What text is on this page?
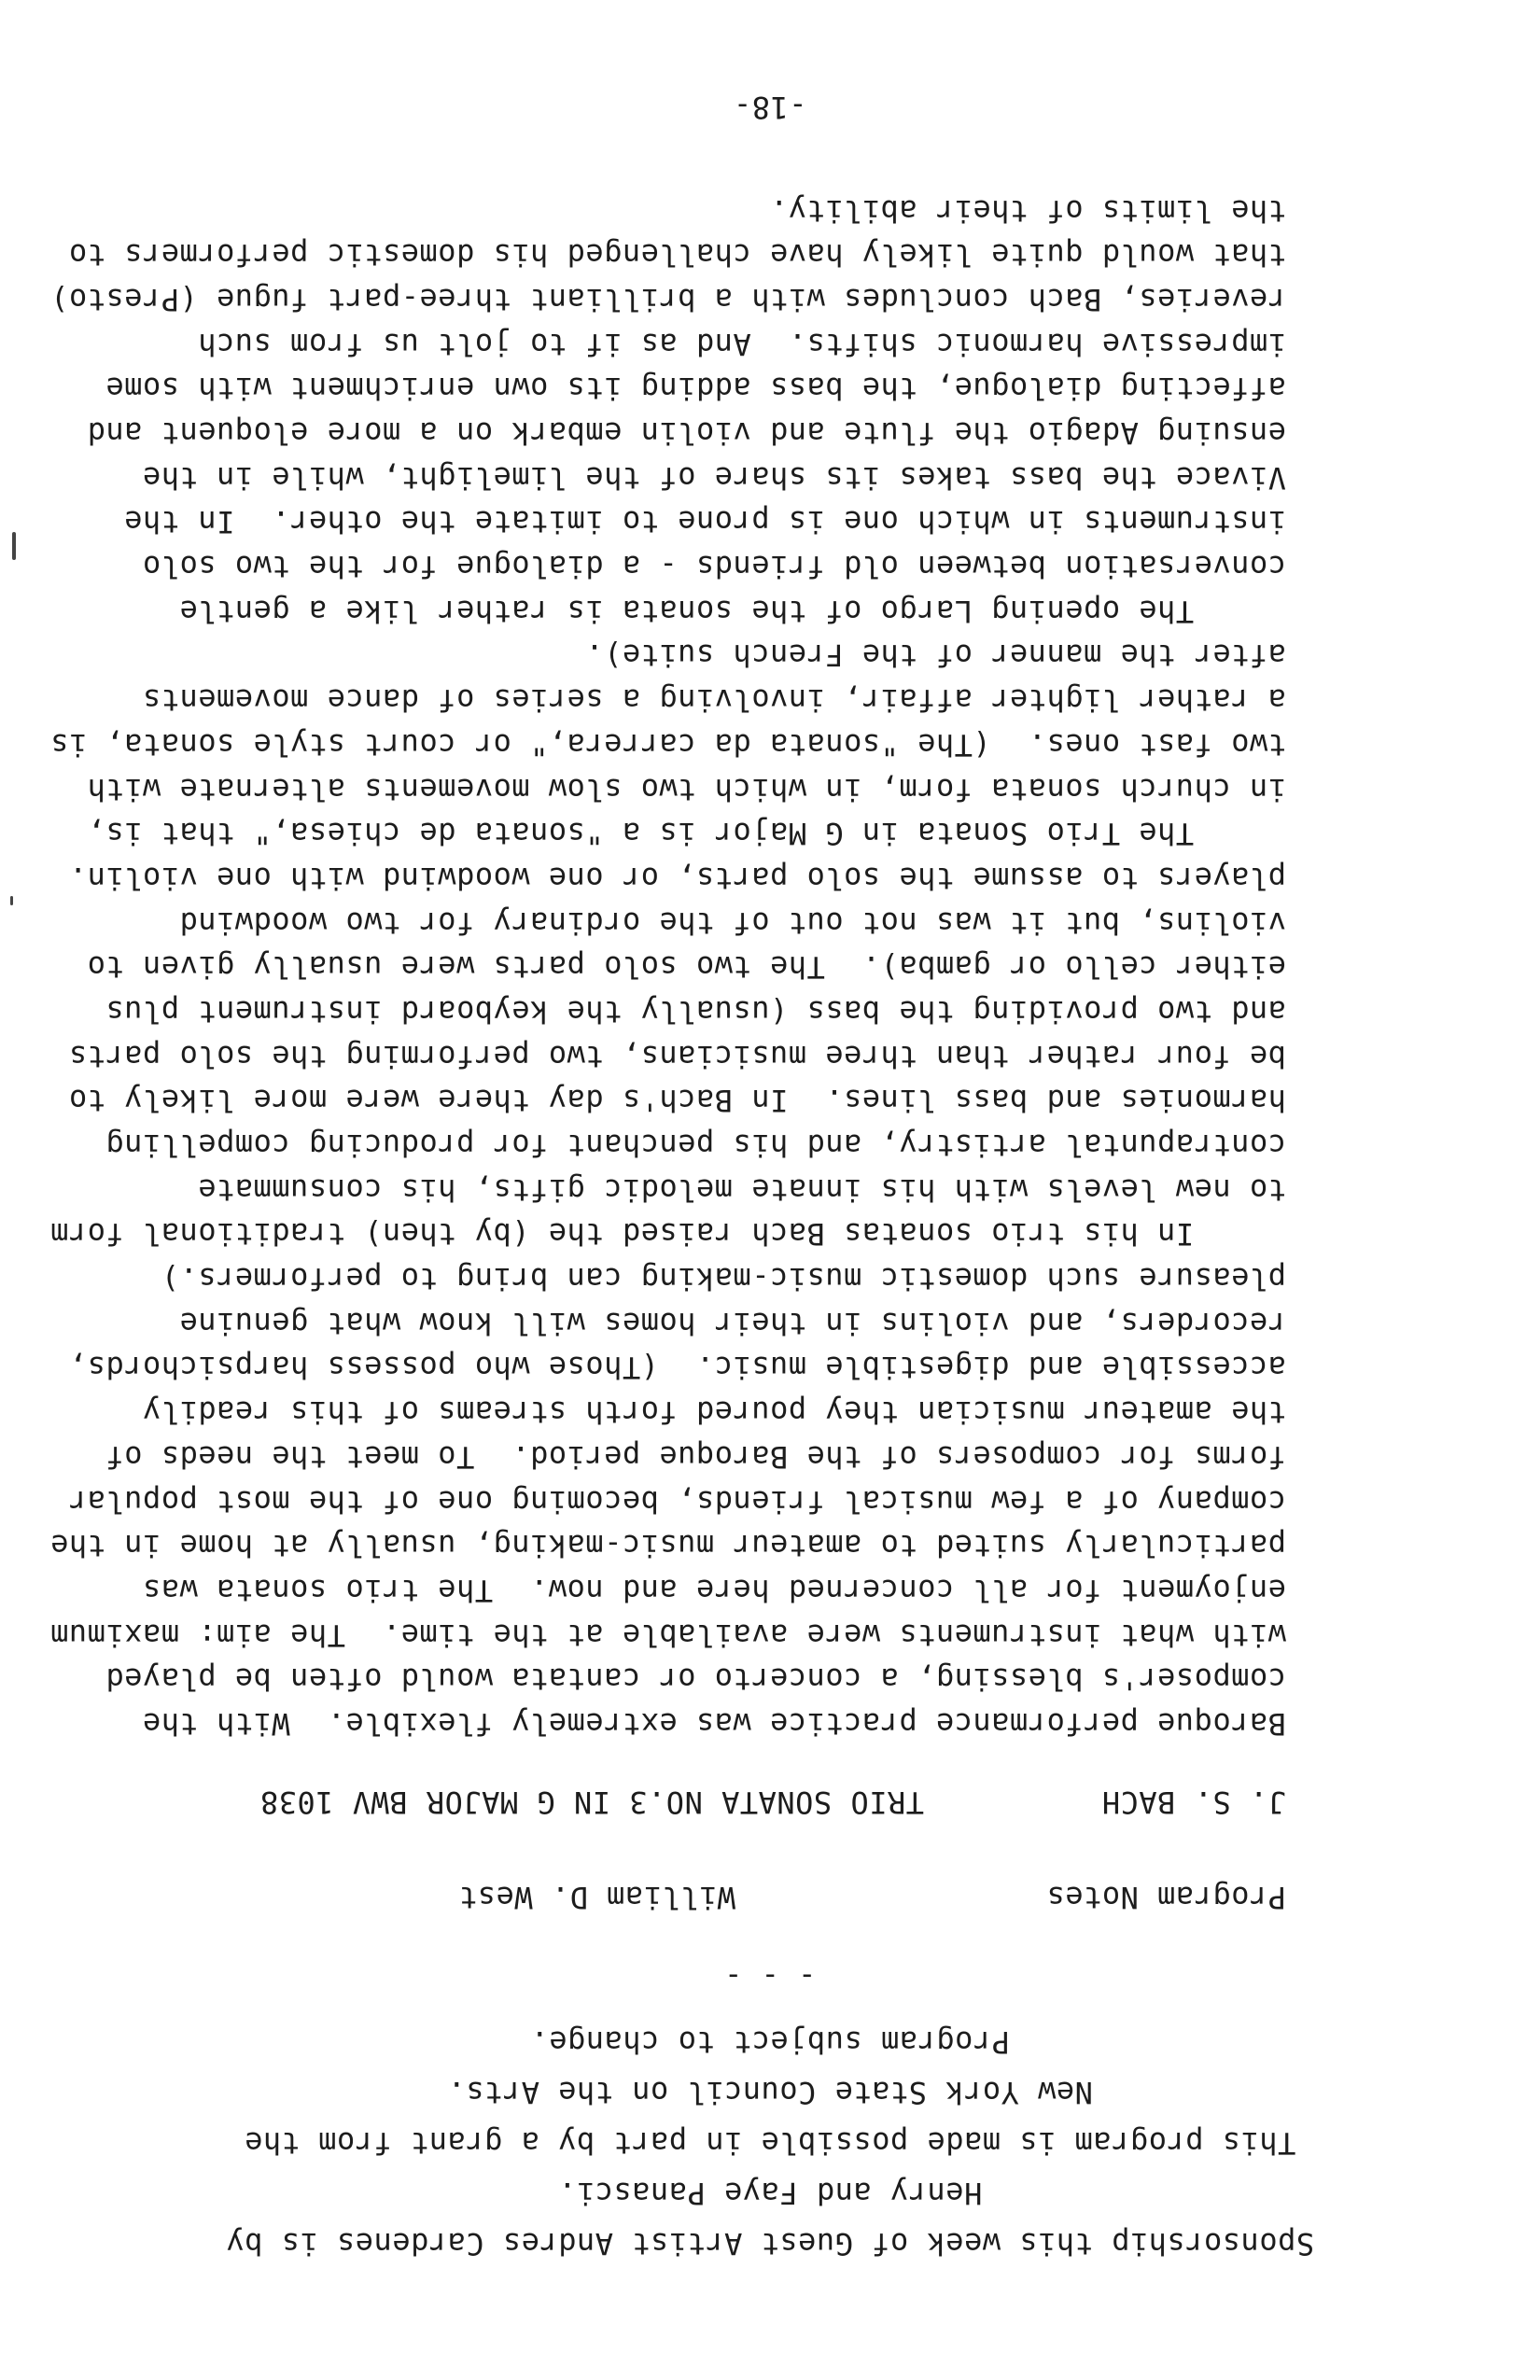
Sponsorship this week of Guest Artist Andres Cardenes is by
Henry and Faye Panasci.
This program is made possible in part by a grant from the
New York State Council on the Arts.
Program subject to change.
- - -
Program Notes
William D. West
J. S. BACH
TRIO SONATA NO.3 IN G MAJOR BWV 1038
Baroque performance practice was extremely flexible.  With the
composer's blessing, a concerto or cantata would often be played
with what instruments were available at the time.  The aim: maximum
enjoyment for all concerned here and now.  The trio sonata was
particularly suited to amateur music-making, usually at home in the
company of a few musical friends, becoming one of the most popular
forms for composers of the Baroque period.  To meet the needs of
the amateur musician they poured forth streams of this readily
accessible and digestible music.  (Those who possess harpsichords,
recorders, and violins in their homes will know what genuine
pleasure such domestic music-making can bring to performers.)
In his trio sonatas Bach raised the (by then) traditional form
to new levels with his innate melodic gifts, his consummate
contrapuntal artistry, and his penchant for producing compelling
harmonies and bass lines.  In Bach's day there were more likely to
be four rather than three musicians, two performing the solo parts
and two providing the bass (usually the keyboard instrument plus
either cello or gamba).  The two solo parts were usually given to
violins, but it was not out of the ordinary for two woodwind
players to assume the solo parts, or one woodwind with one violin.
The Trio Sonata in G Major is a "sonata de chiesa," that is,
in church sonata form, in which two slow movements alternate with
two fast ones.  (The "sonata da carrera," or court style sonata, is
a rather lighter affair, involving a series of dance movements
after the manner of the French suite).
The opening Largo of the sonata is rather like a gentle
conversation between old friends - a dialogue for the two solo
instruments in which one is prone to imitate the other.  In the
Vivace the bass takes its share of the limelight, while in the
ensuing Adagio the flute and violin embark on a more eloquent and
affecting dialogue, the bass adding its own enrichment with some
impressive harmonic shifts.  And as if to jolt us from such
reveries, Bach concludes with a brilliant three-part fugue (Presto)
that would quite likely have challenged his domestic performers to
the limits of their ability.
-18-
